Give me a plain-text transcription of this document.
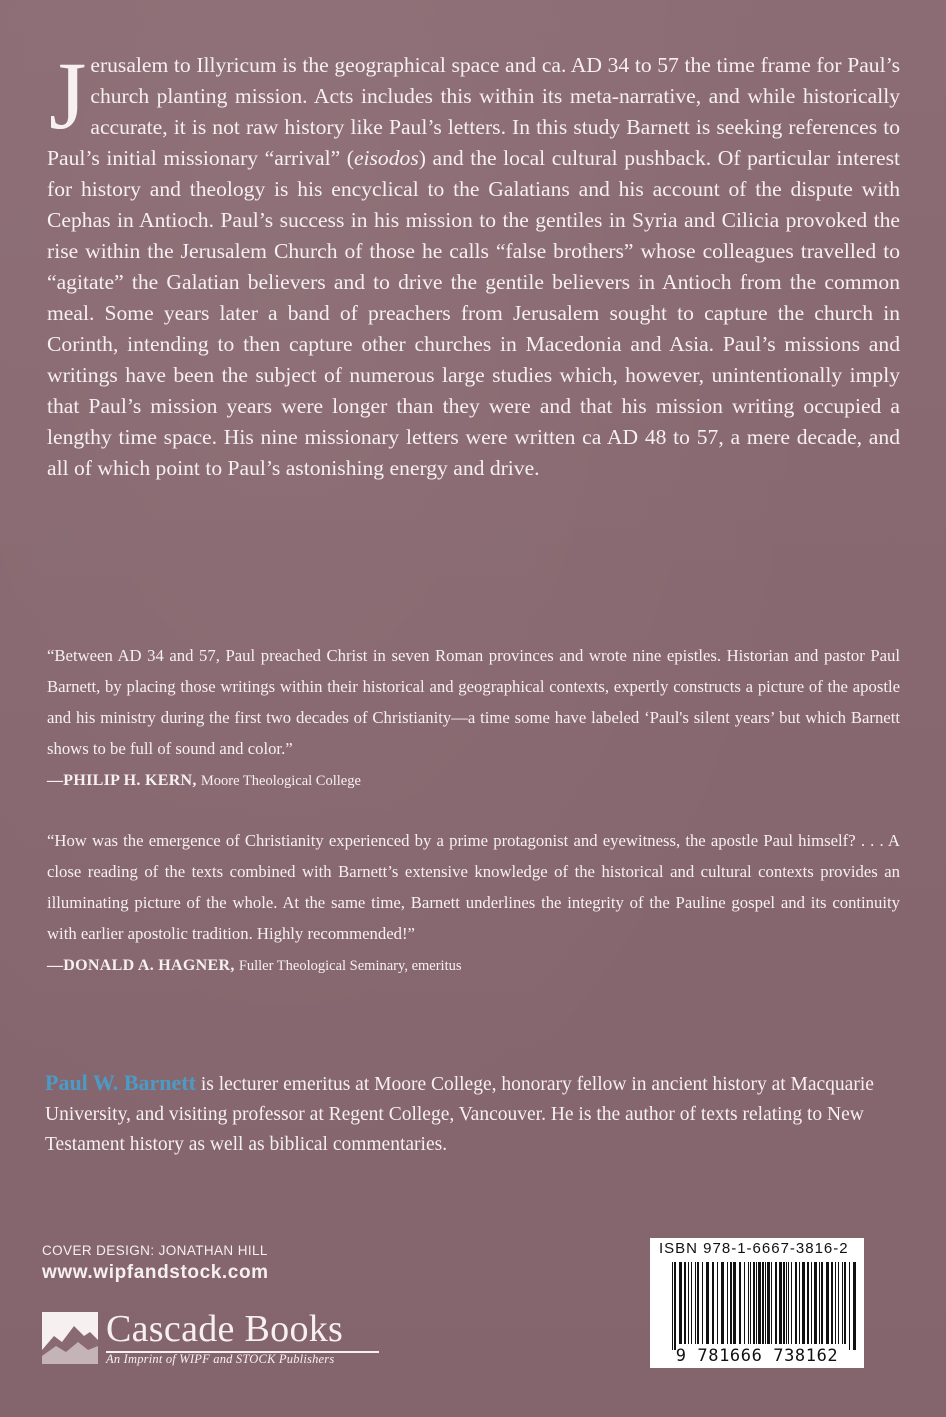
Jerusalem to Illyricum is the geographical space and ca. AD 34 to 57 the time frame for Paul’s church planting mission. Acts includes this within its meta-narrative, and while historically accurate, it is not raw history like Paul’s letters. In this study Barnett is seeking references to Paul’s initial missionary “arrival” (eisodos) and the local cultural pushback. Of particular interest for history and theology is his encyclical to the Galatians and his account of the dispute with Cephas in Antioch. Paul’s success in his mission to the gentiles in Syria and Cilicia provoked the rise within the Jerusalem Church of those he calls “false brothers” whose colleagues travelled to “agitate” the Galatian believers and to drive the gentile believers in Antioch from the common meal. Some years later a band of preachers from Jerusalem sought to capture the church in Corinth, intending to then capture other churches in Macedonia and Asia. Paul’s missions and writings have been the subject of numerous large studies which, however, unintentionally imply that Paul’s mission years were longer than they were and that his mission writing occupied a lengthy time space. His nine missionary letters were written ca AD 48 to 57, a mere decade, and all of which point to Paul’s astonishing energy and drive.

“Between AD 34 and 57, Paul preached Christ in seven Roman provinces and wrote nine epistles. Historian and pastor Paul Barnett, by placing those writings within their historical and geographical contexts, expertly constructs a picture of the apostle and his ministry during the first two decades of Christianity—a time some have labeled ‘Paul's silent years’ but which Barnett shows to be full of sound and color.”
—PHILIP H. KERN, Moore Theological College

“How was the emergence of Christianity experienced by a prime protagonist and eyewitness, the apostle Paul himself? . . . A close reading of the texts combined with Barnett’s extensive knowledge of the historical and cultural contexts provides an illuminating picture of the whole. At the same time, Barnett underlines the integrity of the Pauline gospel and its continuity with earlier apostolic tradition. Highly recommended!”
—DONALD A. HAGNER, Fuller Theological Seminary, emeritus

Paul W. Barnett is lecturer emeritus at Moore College, honorary fellow in ancient history at Macquarie University, and visiting professor at Regent College, Vancouver. He is the author of texts relating to New Testament history as well as biblical commentaries.

COVER DESIGN: JONATHAN HILL
www.wipfandstock.com
Cascade Books
An Imprint of WIPF and STOCK Publishers
ISBN 978-1-6667-3816-2
9 781666 738162
